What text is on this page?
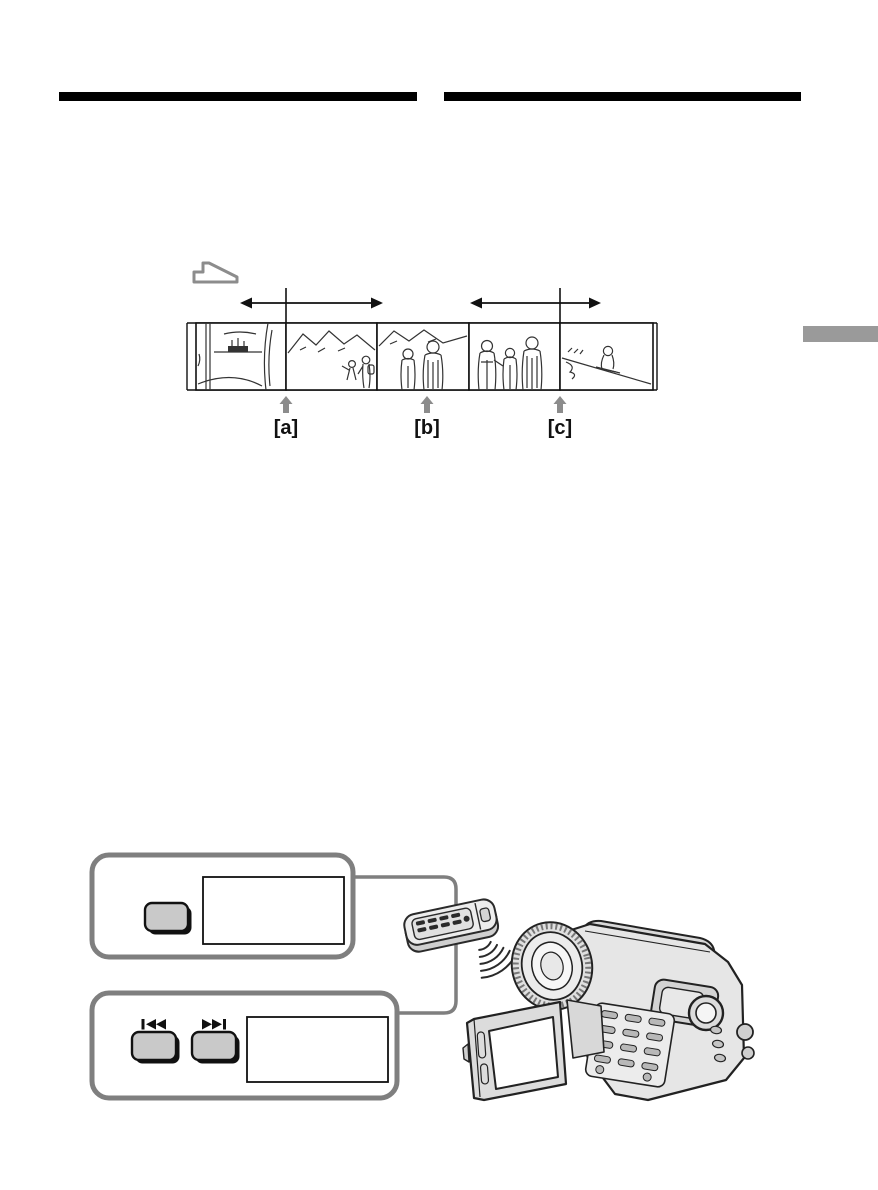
[a]	[b]	[c]
